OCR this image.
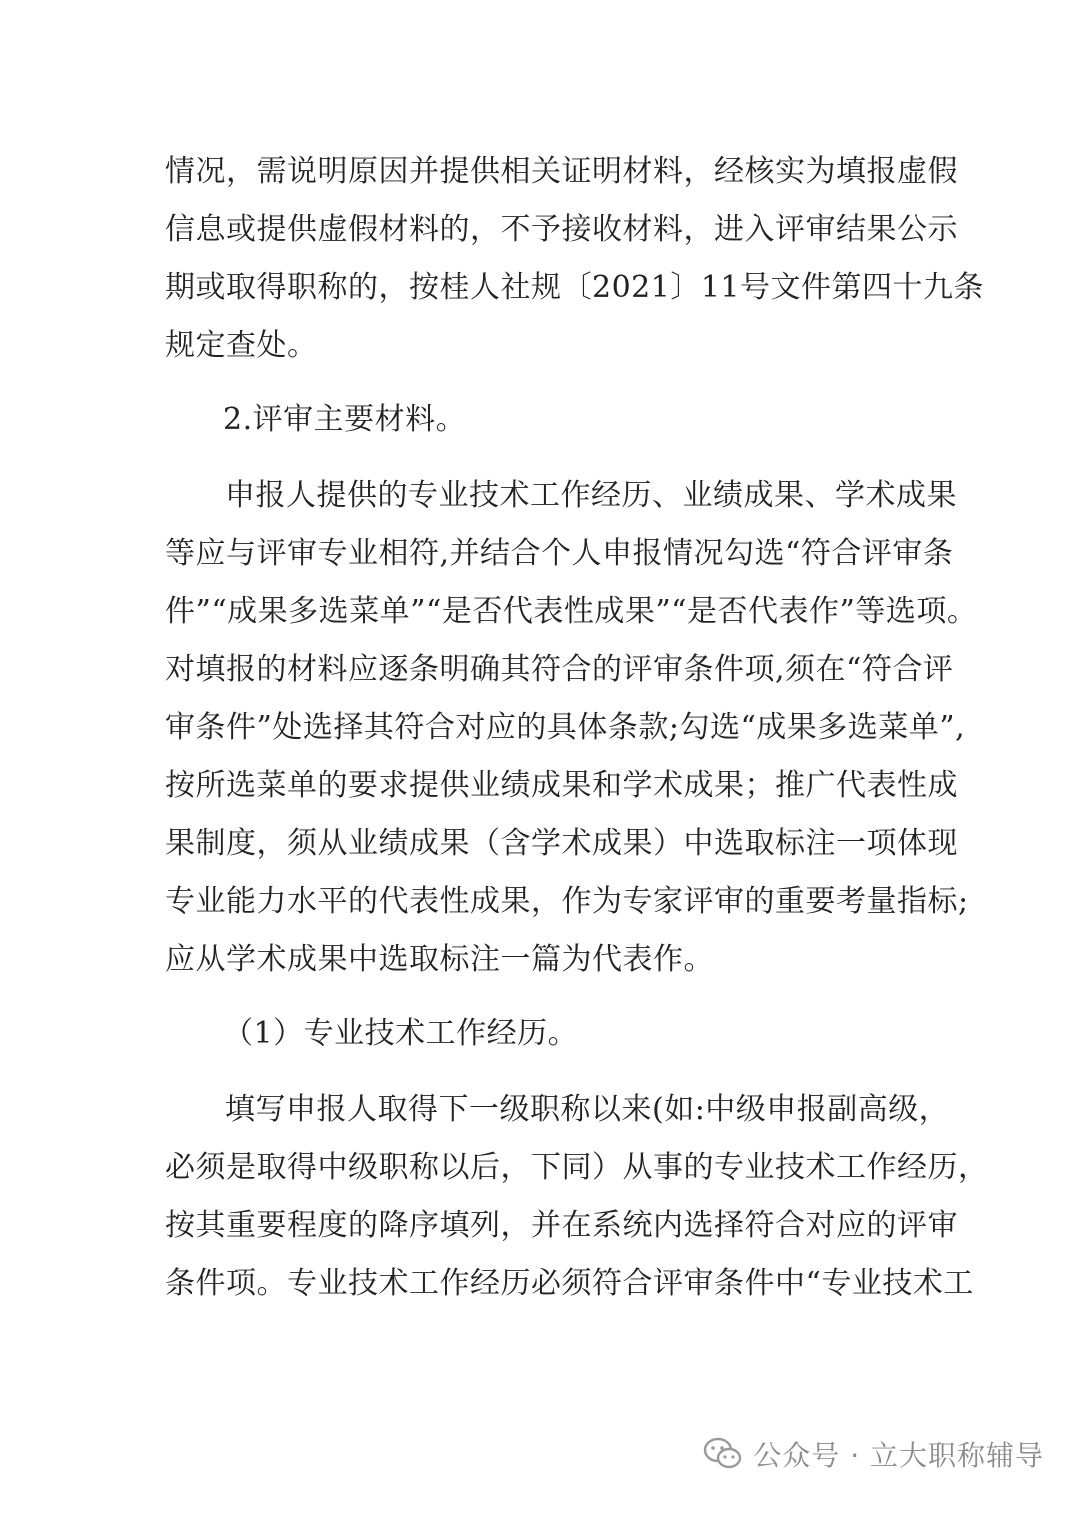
情况，需说明原因并提供相关证明材料，经核实为填报虚假
信息或提供虚假材料的，不予接收材料，进入评审结果公示
期或取得职称的，按桂人社规〔2021〕11号文件第四十九条
规定查处。
2.评审主要材料。
申报人提供的专业技术工作经历、业绩成果、学术成果
等应与评审专业相符,并结合个人申报情况勾选“符合评审条
件”“成果多选菜单”“是否代表性成果”“是否代表作”等选项。
对填报的材料应逐条明确其符合的评审条件项,须在“符合评
审条件”处选择其符合对应的具体条款;勾选“成果多选菜单”,
按所选菜单的要求提供业绩成果和学术成果；推广代表性成
果制度，须从业绩成果（含学术成果）中选取标注一项体现
专业能力水平的代表性成果，作为专家评审的重要考量指标;
应从学术成果中选取标注一篇为代表作。
（1）专业技术工作经历。
填写申报人取得下一级职称以来(如:中级申报副高级，
必须是取得中级职称以后，下同）从事的专业技术工作经历，
按其重要程度的降序填列，并在系统内选择符合对应的评审
条件项。专业技术工作经历必须符合评审条件中“专业技术工
公众号 · 立大职称辅导
